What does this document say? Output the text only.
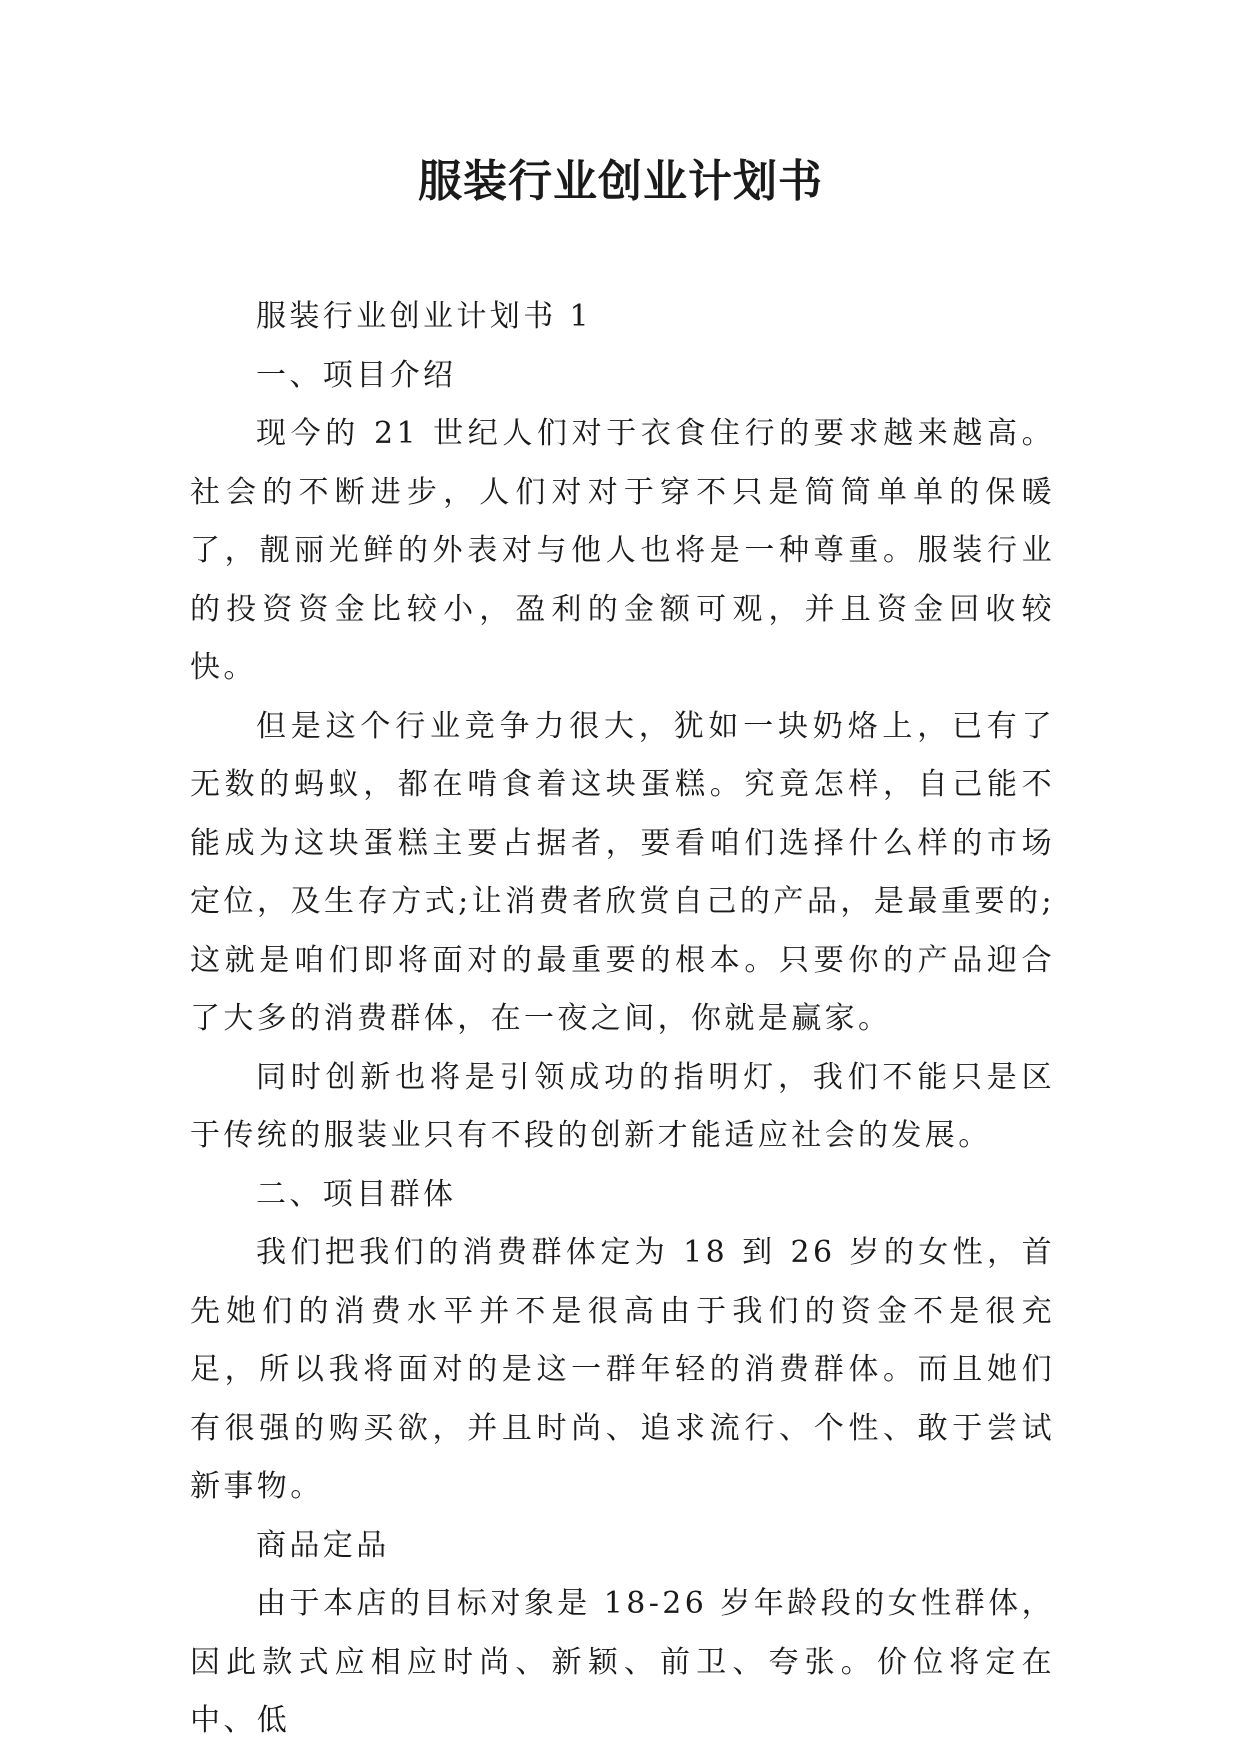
服装行业创业计划书

服装行业创业计划书 1

一、项目介绍

现今的 21 世纪人们对于衣食住行的要求越来越高。社会的不断进步，人们对对于穿不只是简简单单的保暖了，靓丽光鲜的外表对与他人也将是一种尊重。服装行业的投资资金比较小，盈利的金额可观，并且资金回收较快。

但是这个行业竞争力很大，犹如一块奶烙上，已有了无数的蚂蚁，都在啃食着这块蛋糕。究竟怎样，自己能不能成为这块蛋糕主要占据者，要看咱们选择什么样的市场定位，及生存方式;让消费者欣赏自己的产品，是最重要的;这就是咱们即将面对的最重要的根本。只要你的产品迎合了大多的消费群体，在一夜之间，你就是赢家。

同时创新也将是引领成功的指明灯，我们不能只是区于传统的服装业只有不段的创新才能适应社会的发展。

二、项目群体

我们把我们的消费群体定为 18 到 26 岁的女性，首先她们的消费水平并不是很高由于我们的资金不是很充足，所以我将面对的是这一群年轻的消费群体。而且她们有很强的购买欲，并且时尚、追求流行、个性、敢于尝试新事物。

商品定品

由于本店的目标对象是 18-26 岁年龄段的女性群体，因此款式应相应时尚、新颖、前卫、夸张。价位将定在中、低
